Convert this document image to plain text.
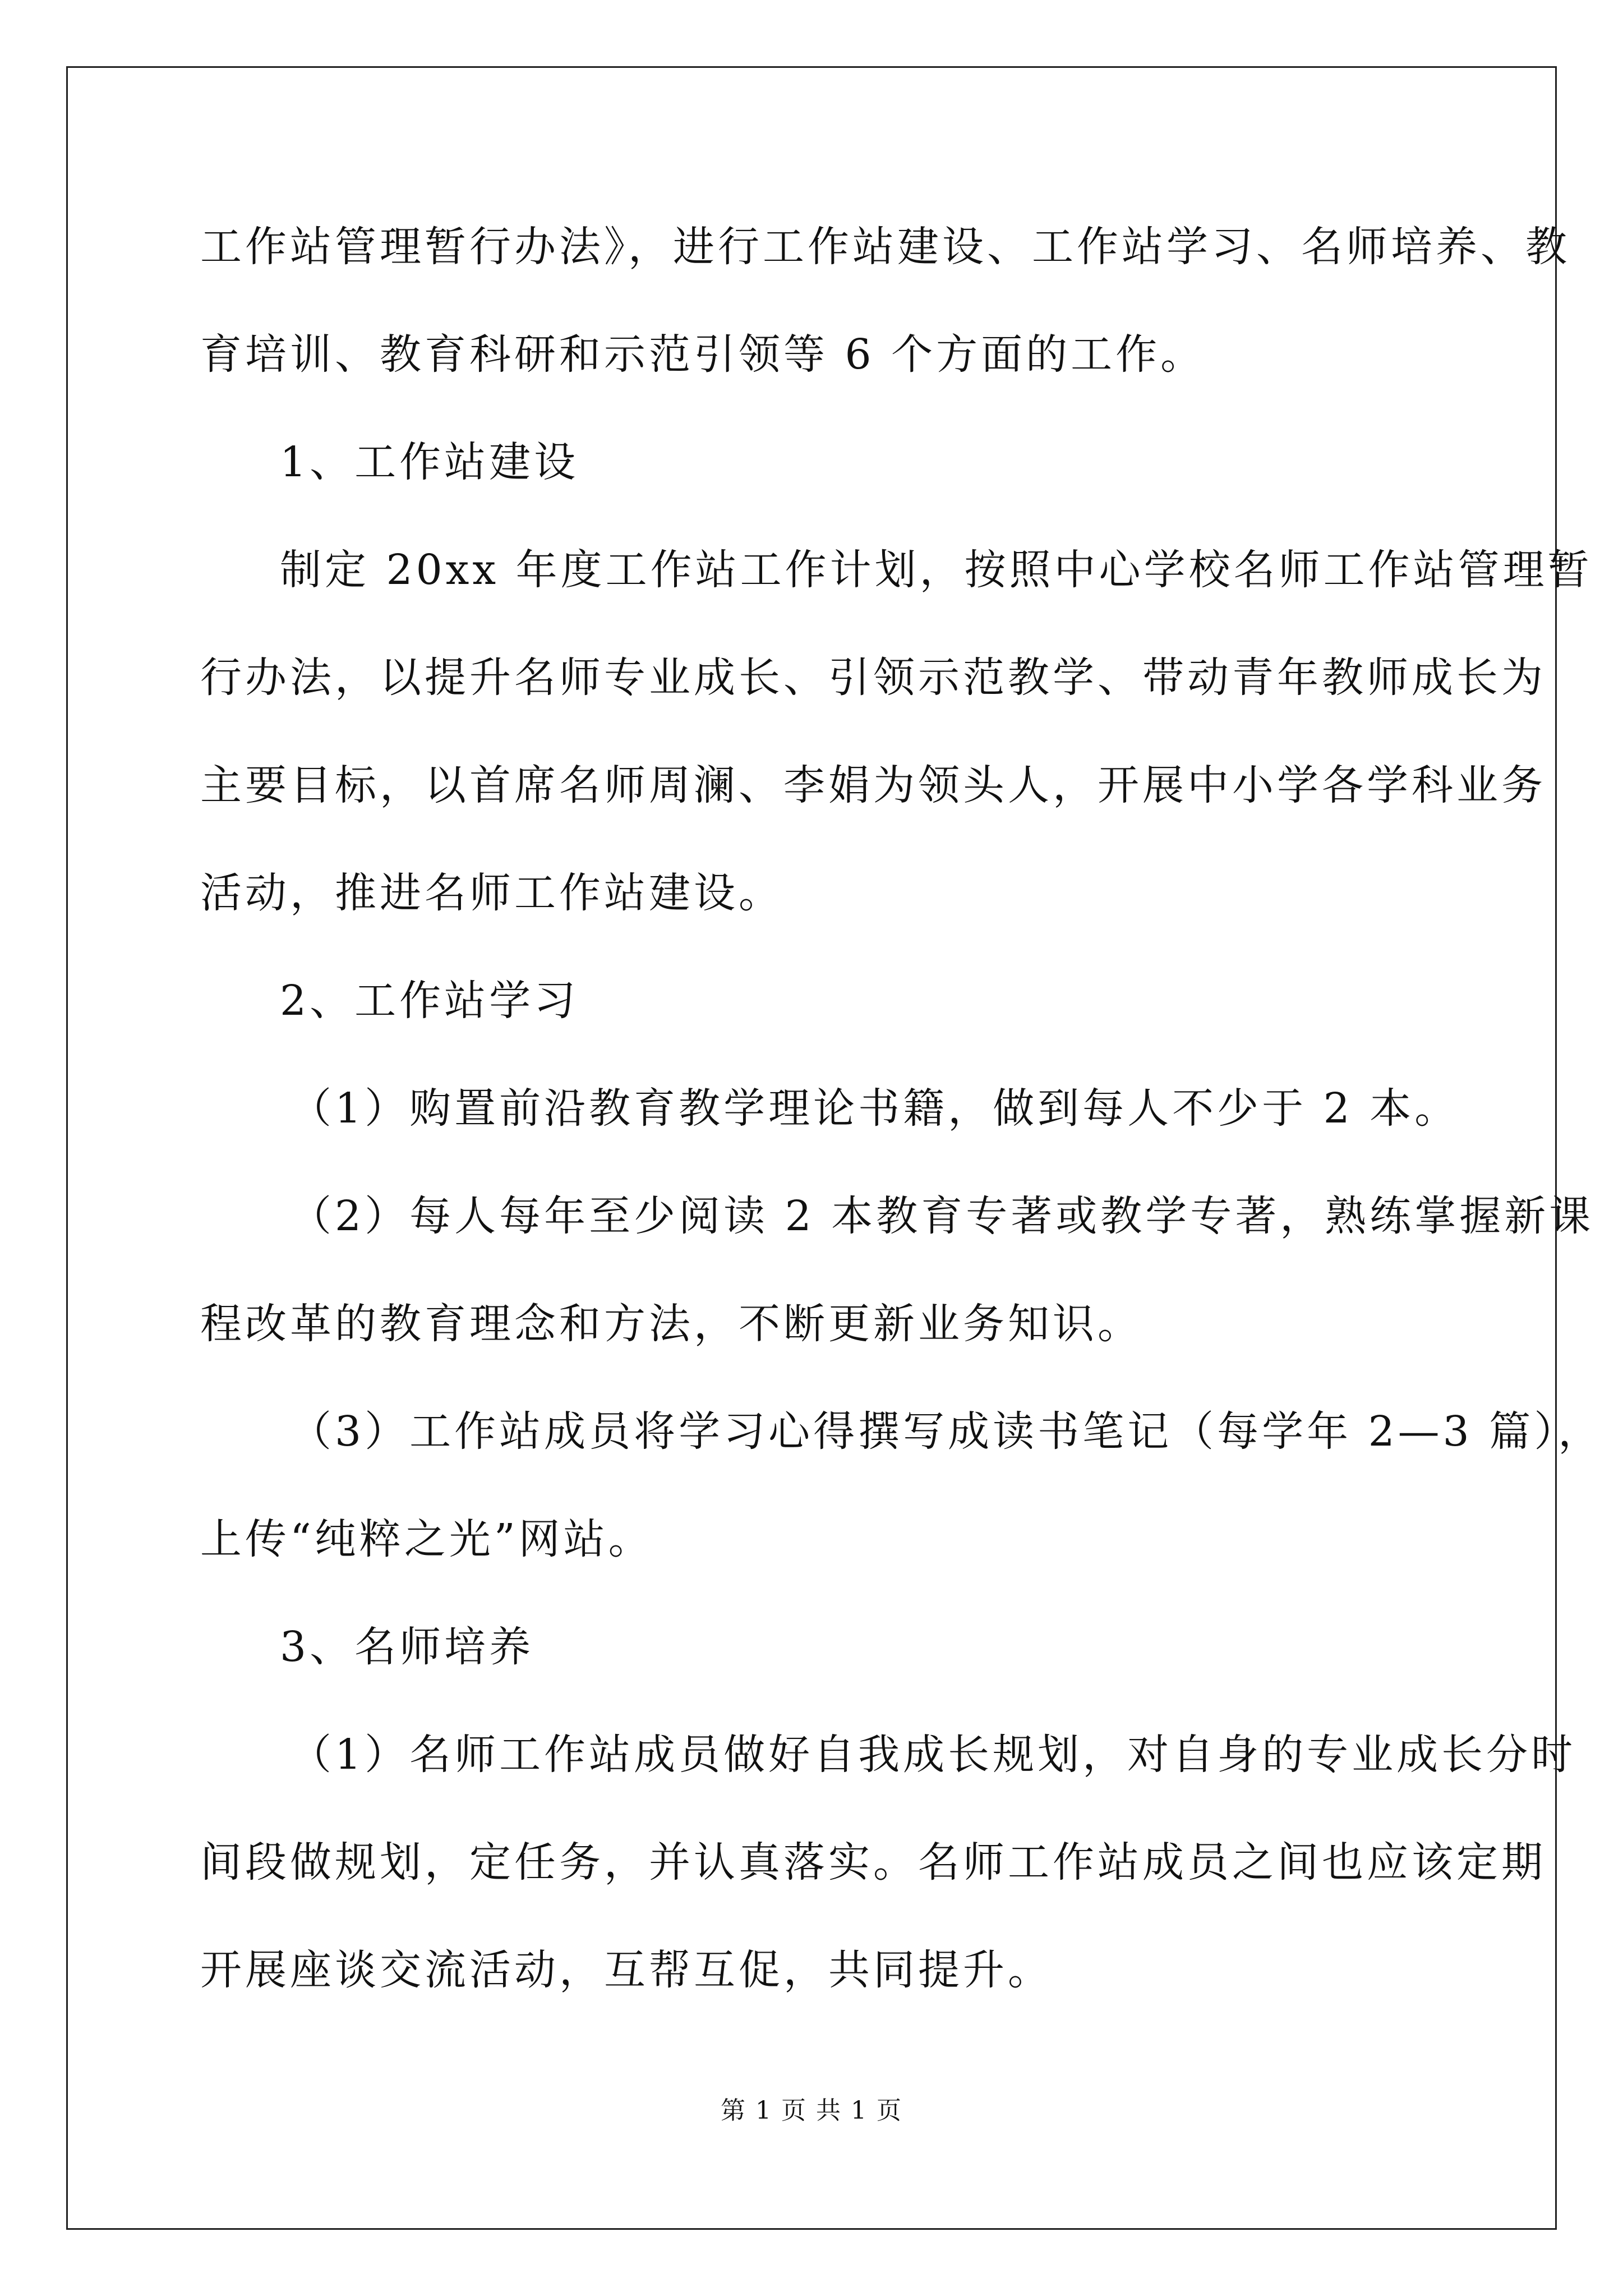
工作站管理暂行办法》，进行工作站建设、工作站学习、名师培养、教
育培训、教育科研和示范引领等 6 个方面的工作。
1、工作站建设
制定 20xx 年度工作站工作计划，按照中心学校名师工作站管理暂
行办法，以提升名师专业成长、引领示范教学、带动青年教师成长为
主要目标，以首席名师周澜、李娟为领头人，开展中小学各学科业务
活动，推进名师工作站建设。
2、工作站学习
（1）购置前沿教育教学理论书籍，做到每人不少于 2 本。
（2）每人每年至少阅读 2 本教育专著或教学专著，熟练掌握新课
程改革的教育理念和方法，不断更新业务知识。
（3）工作站成员将学习心得撰写成读书笔记（每学年 2—3 篇），
上传“纯粹之光”网站。
3、名师培养
（1）名师工作站成员做好自我成长规划，对自身的专业成长分时
间段做规划，定任务，并认真落实。名师工作站成员之间也应该定期
开展座谈交流活动，互帮互促，共同提升。
第 1 页 共 1 页
